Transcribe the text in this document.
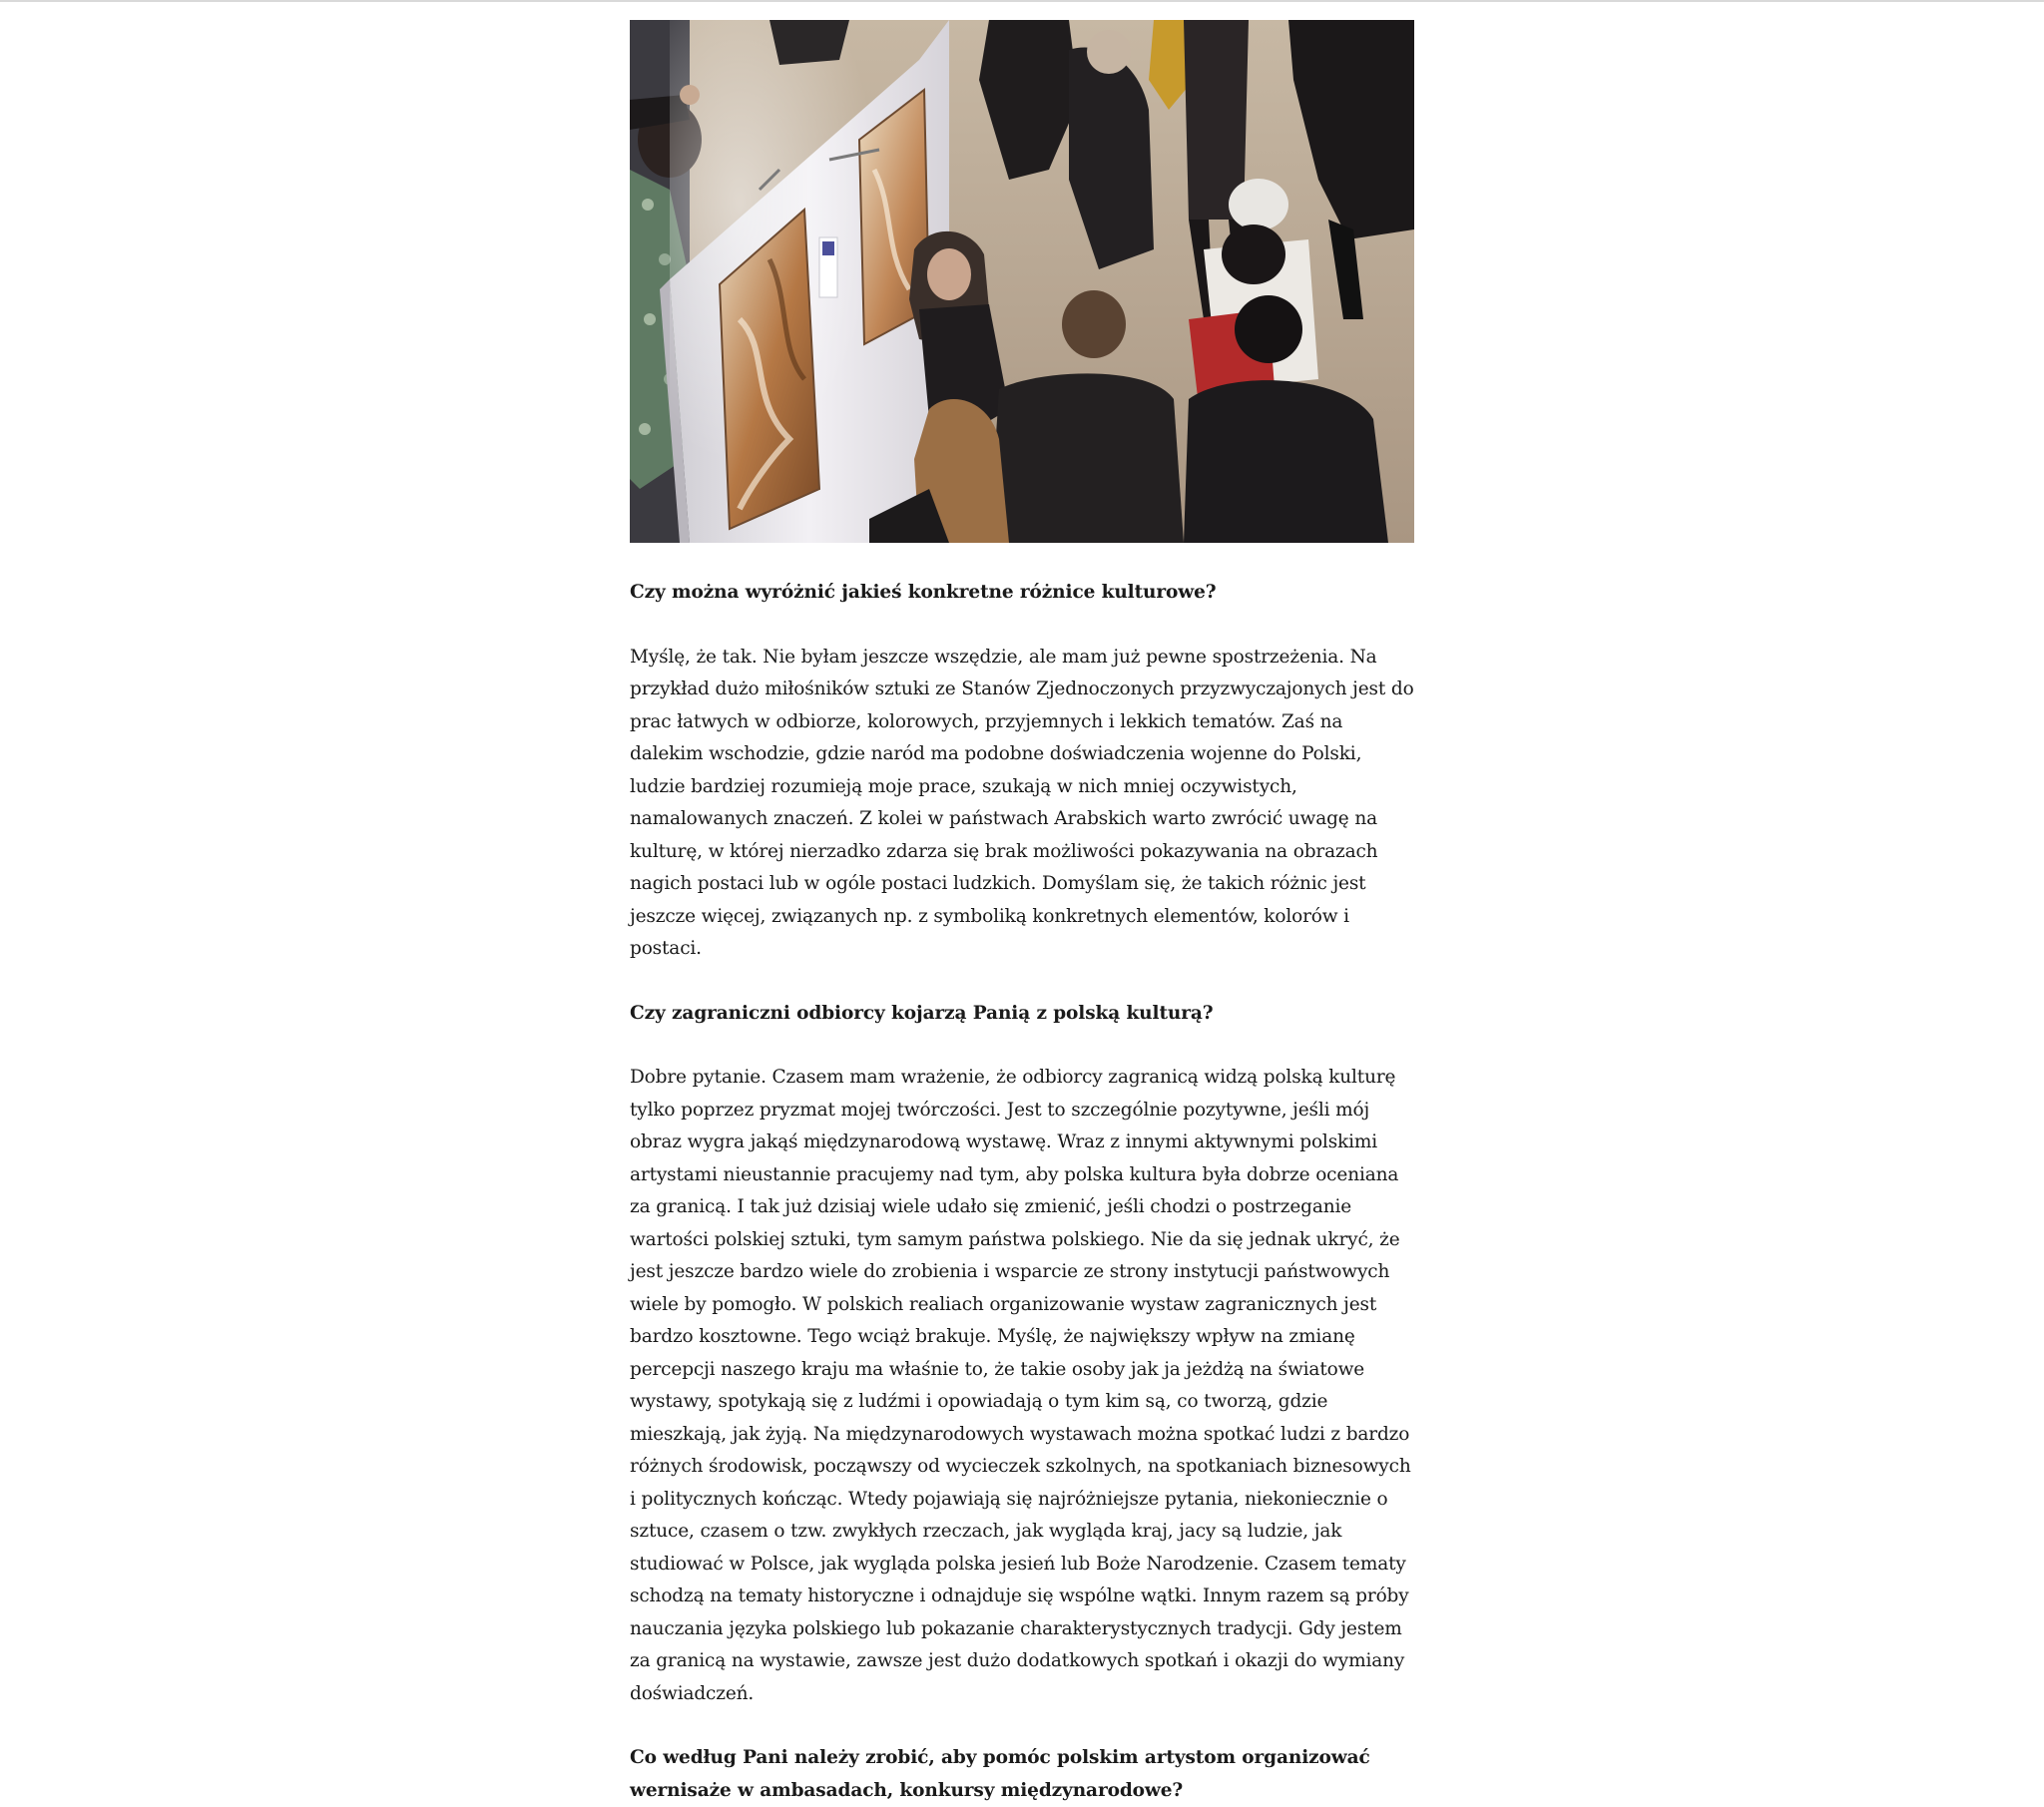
Czy można wyróżnić jakieś konkretne różnice kulturowe?

Myślę, że tak. Nie byłam jeszcze wszędzie, ale mam już pewne spostrzeżenia. Na przykład dużo miłośników sztuki ze Stanów Zjednoczonych przyzwyczajonych jest do prac łatwych w odbiorze, kolorowych, przyjemnych i lekkich tematów. Zaś na dalekim wschodzie, gdzie naród ma podobne doświadczenia wojenne do Polski, ludzie bardziej rozumieją moje prace, szukają w nich mniej oczywistych, namalowanych znaczeń. Z kolei w państwach Arabskich warto zwrócić uwagę na kulturę, w której nierzadko zdarza się brak możliwości pokazywania na obrazach nagich postaci lub w ogóle postaci ludzkich. Domyślam się, że takich różnic jest jeszcze więcej, związanych np. z symboliką konkretnych elementów, kolorów i postaci.

Czy zagraniczni odbiorcy kojarzą Panią z polską kulturą?

Dobre pytanie. Czasem mam wrażenie, że odbiorcy zagranicą widzą polską kulturę tylko poprzez pryzmat mojej twórczości. Jest to szczególnie pozytywne, jeśli mój obraz wygra jakąś międzynarodową wystawę. Wraz z innymi aktywnymi polskimi artystami nieustannie pracujemy nad tym, aby polska kultura była dobrze oceniana za granicą. I tak już dzisiaj wiele udało się zmienić, jeśli chodzi o postrzeganie wartości polskiej sztuki, tym samym państwa polskiego. Nie da się jednak ukryć, że jest jeszcze bardzo wiele do zrobienia i wsparcie ze strony instytucji państwowych wiele by pomogło. W polskich realiach organizowanie wystaw zagranicznych jest bardzo kosztowne. Tego wciąż brakuje. Myślę, że największy wpływ na zmianę percepcji naszego kraju ma właśnie to, że takie osoby jak ja jeżdżą na światowe wystawy, spotykają się z ludźmi i opowiadają o tym kim są, co tworzą, gdzie mieszkają, jak żyją. Na międzynarodowych wystawach można spotkać ludzi z bardzo różnych środowisk, począwszy od wycieczek szkolnych, na spotkaniach biznesowych i politycznych kończąc. Wtedy pojawiają się najróżniejsze pytania, niekoniecznie o sztuce, czasem o tzw. zwykłych rzeczach, jak wygląda kraj, jacy są ludzie, jak studiować w Polsce, jak wygląda polska jesień lub Boże Narodzenie. Czasem tematy schodzą na tematy historyczne i odnajduje się wspólne wątki. Innym razem są próby nauczania języka polskiego lub pokazanie charakterystycznych tradycji. Gdy jestem za granicą na wystawie, zawsze jest dużo dodatkowych spotkań i okazji do wymiany doświadczeń.

Co według Pani należy zrobić, aby pomóc polskim artystom organizować wernisaże w ambasadach, konkursy międzynarodowe?
